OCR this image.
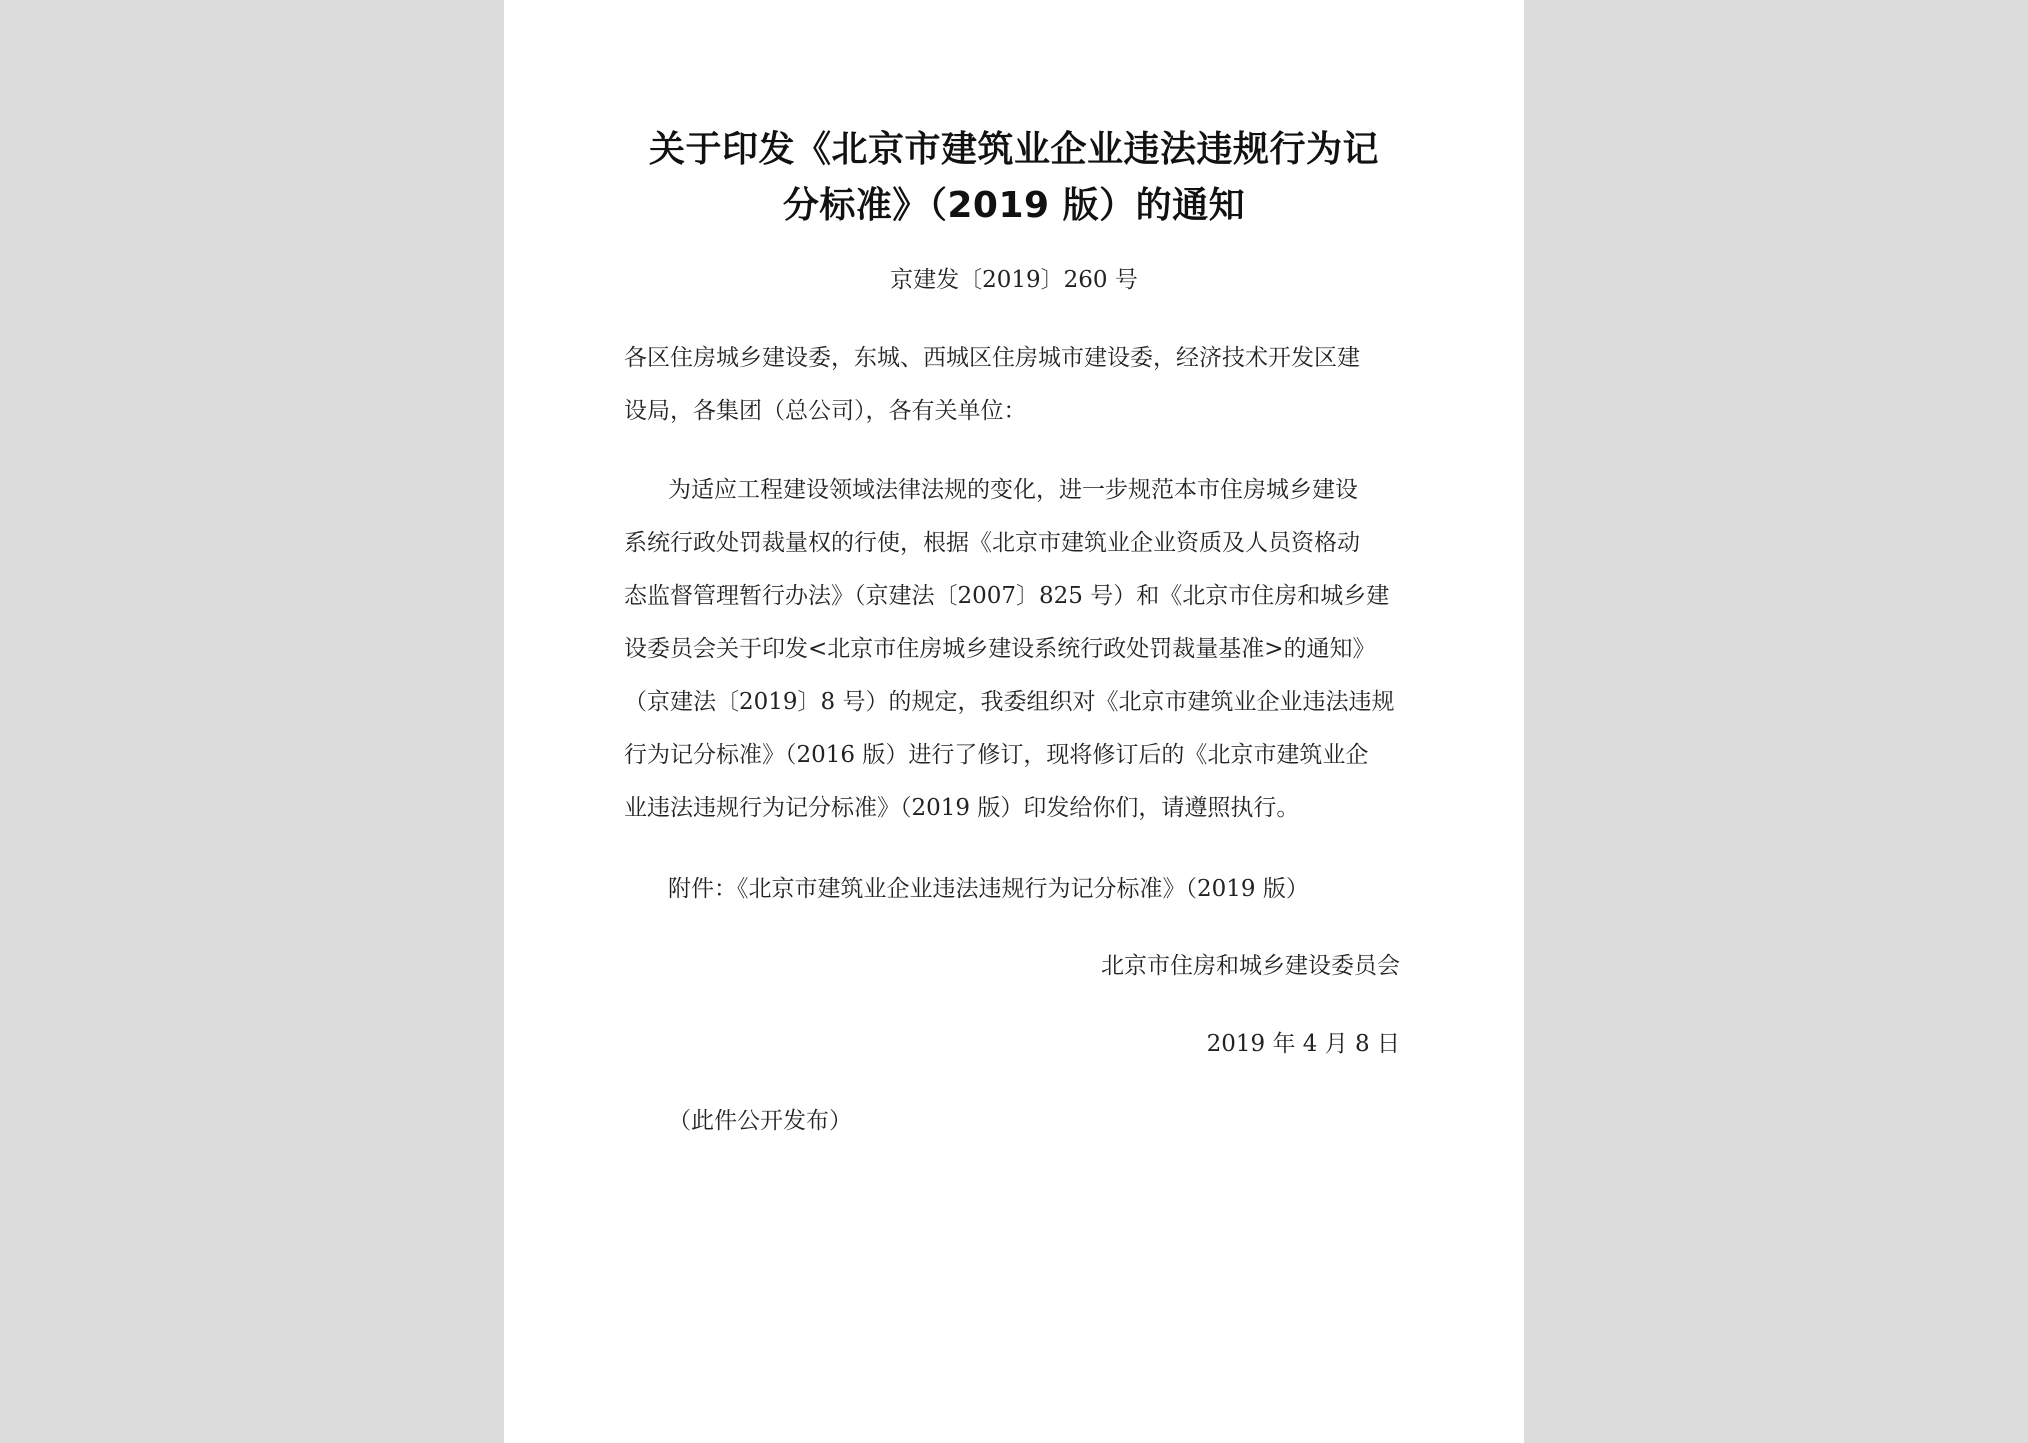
关于印发《北京市建筑业企业违法违规行为记
分标准》（2019 版）的通知
京建发〔2019〕260 号
各区住房城乡建设委，东城、西城区住房城市建设委，经济技术开发区建
设局，各集团（总公司），各有关单位：
为适应工程建设领域法律法规的变化，进一步规范本市住房城乡建设
系统行政处罚裁量权的行使，根据《北京市建筑业企业资质及人员资格动
态监督管理暂行办法》（京建法〔2007〕825 号）和《北京市住房和城乡建
设委员会关于印发<北京市住房城乡建设系统行政处罚裁量基准>的通知》
（京建法〔2019〕8 号）的规定，我委组织对《北京市建筑业企业违法违规
行为记分标准》（2016 版）进行了修订，现将修订后的《北京市建筑业企
业违法违规行为记分标准》（2019 版）印发给你们，请遵照执行。
附件：《北京市建筑业企业违法违规行为记分标准》（2019 版）
北京市住房和城乡建设委员会
2019 年 4 月 8 日
（此件公开发布）
